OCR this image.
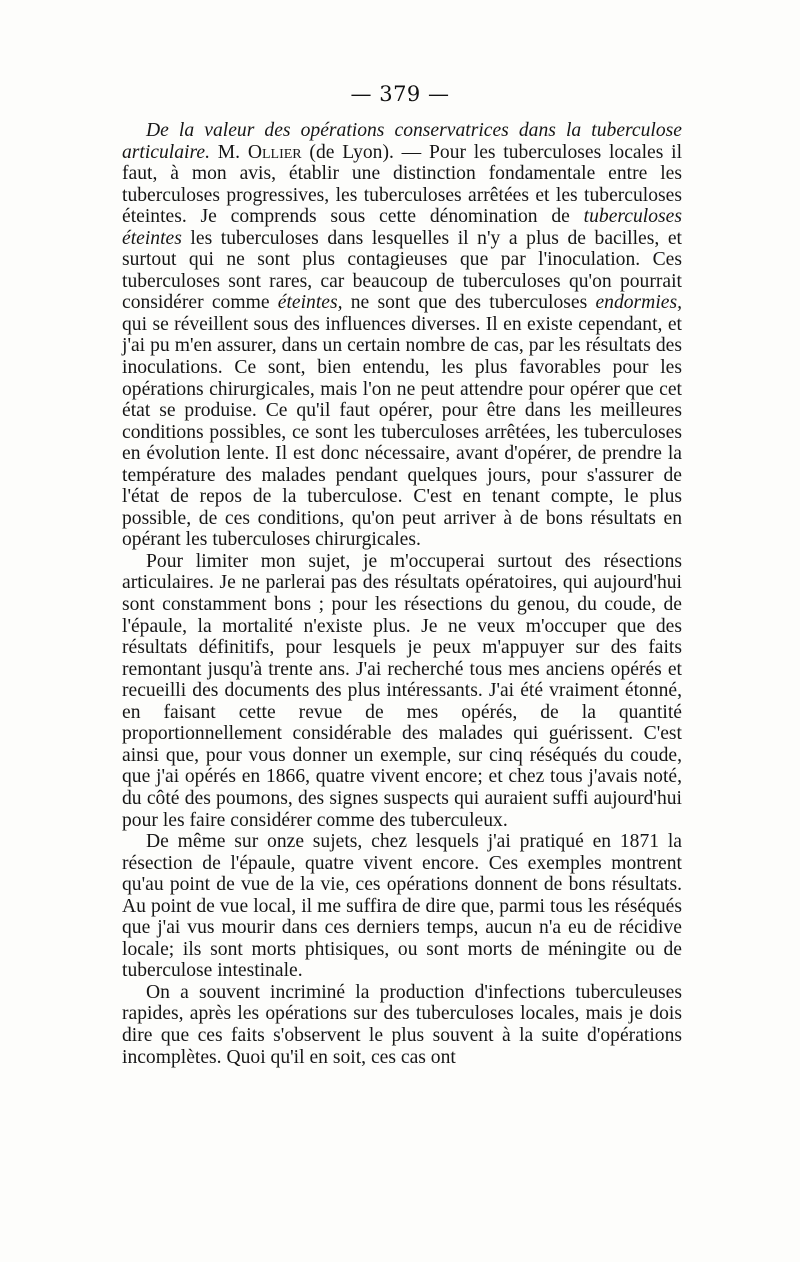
— 379 —

De la valeur des opérations conservatrices dans la tuberculose articulaire. M. Ollier (de Lyon). — Pour les tuberculoses locales il faut, à mon avis, établir une distinction fondamentale entre les tuberculoses progressives, les tuberculoses arrêtées et les tuberculoses éteintes. Je comprends sous cette dénomination de tuberculoses éteintes les tuberculoses dans lesquelles il n'y a plus de bacilles, et surtout qui ne sont plus contagieuses que par l'inoculation. Ces tuberculoses sont rares, car beaucoup de tuberculoses qu'on pourrait considérer comme éteintes, ne sont que des tuberculoses endormies, qui se réveillent sous des influences diverses. Il en existe cependant, et j'ai pu m'en assurer, dans un certain nombre de cas, par les résultats des inoculations. Ce sont, bien entendu, les plus favorables pour les opérations chirurgicales, mais l'on ne peut attendre pour opérer que cet état se produise. Ce qu'il faut opérer, pour être dans les meilleures conditions possibles, ce sont les tuberculoses arrêtées, les tuberculoses en évolution lente. Il est donc nécessaire, avant d'opérer, de prendre la température des malades pendant quelques jours, pour s'assurer de l'état de repos de la tuberculose. C'est en tenant compte, le plus possible, de ces conditions, qu'on peut arriver à de bons résultats en opérant les tuberculoses chirurgicales.

Pour limiter mon sujet, je m'occuperai surtout des résections articulaires. Je ne parlerai pas des résultats opératoires, qui aujourd'hui sont constamment bons ; pour les résections du genou, du coude, de l'épaule, la mortalité n'existe plus. Je ne veux m'occuper que des résultats définitifs, pour lesquels je peux m'appuyer sur des faits remontant jusqu'à trente ans. J'ai recherché tous mes anciens opérés et recueilli des documents des plus intéressants. J'ai été vraiment étonné, en faisant cette revue de mes opérés, de la quantité proportionnellement considérable des malades qui guérissent. C'est ainsi que, pour vous donner un exemple, sur cinq réséqués du coude, que j'ai opérés en 1866, quatre vivent encore; et chez tous j'avais noté, du côté des poumons, des signes suspects qui auraient suffi aujourd'hui pour les faire considérer comme des tuberculeux.

De même sur onze sujets, chez lesquels j'ai pratiqué en 1871 la résection de l'épaule, quatre vivent encore. Ces exemples montrent qu'au point de vue de la vie, ces opérations donnent de bons résultats. Au point de vue local, il me suffira de dire que, parmi tous les réséqués que j'ai vus mourir dans ces derniers temps, aucun n'a eu de récidive locale; ils sont morts phtisiques, ou sont morts de méningite ou de tuberculose intestinale.

On a souvent incriminé la production d'infections tuberculeuses rapides, après les opérations sur des tuberculoses locales, mais je dois dire que ces faits s'observent le plus souvent à la suite d'opérations incomplètes. Quoi qu'il en soit, ces cas ont
